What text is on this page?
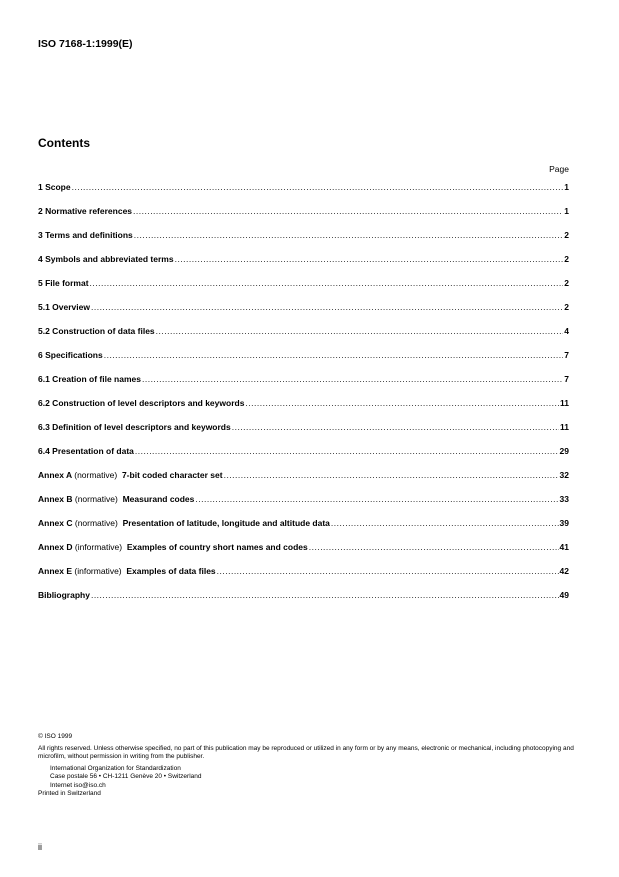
ISO 7168-1:1999(E)
Contents
Page
1 Scope .....	1
2 Normative references .....	1
3 Terms and definitions .....	2
4 Symbols and abbreviated terms .....	2
5 File format .....	2
5.1 Overview .....	2
5.2 Construction of data files .....	4
6 Specifications .....	7
6.1 Creation of file names .....	7
6.2 Construction of level descriptors and keywords .....	11
6.3 Definition of level descriptors and keywords .....	11
6.4 Presentation of data .....	29
Annex A (normative) 7-bit coded character set .....	32
Annex B (normative) Measurand codes .....	33
Annex C (normative) Presentation of latitude, longitude and altitude data .....	39
Annex D (informative) Examples of country short names and codes .....	41
Annex E (informative) Examples of data files .....	42
Bibliography .....	49

© ISO 1999

All rights reserved. Unless otherwise specified, no part of this publication may be reproduced or utilized in any form or by any means, electronic or mechanical, including photocopying and microfilm, without permission in writing from the publisher.

International Organization for Standardization

Case postale 56 • CH-1211 Genève 20 • Switzerland

Internet iso@iso.ch

Printed in Switzerland

ii
